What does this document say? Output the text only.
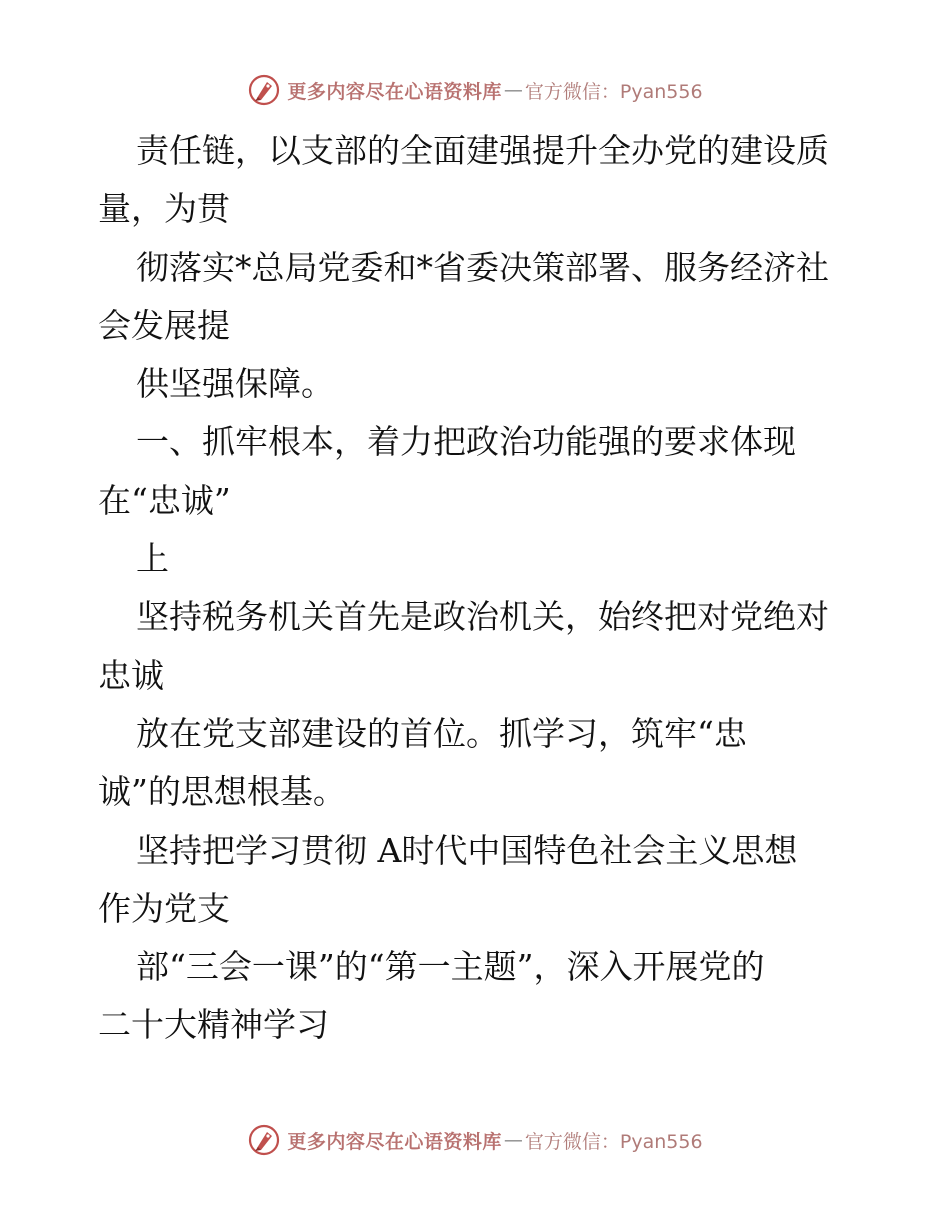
更多内容尽在心语资料库 — 官方微信：Pyan556
责任链，以支部的全面建强提升全办党的建设质
量，为贯
彻落实*总局党委和*省委决策部署、服务经济社
会发展提
供坚强保障。
一、抓牢根本，着力把政治功能强的要求体现
在“忠诚”
上
坚持税务机关首先是政治机关，始终把对党绝对
忠诚
放在党支部建设的首位。抓学习，筑牢“忠
诚”的思想根基。
坚持把学习贯彻 A时代中国特色社会主义思想
作为党支
部“三会一课”的“第一主题”，深入开展党的
二十大精神学习
更多内容尽在心语资料库 — 官方微信：Pyan556
